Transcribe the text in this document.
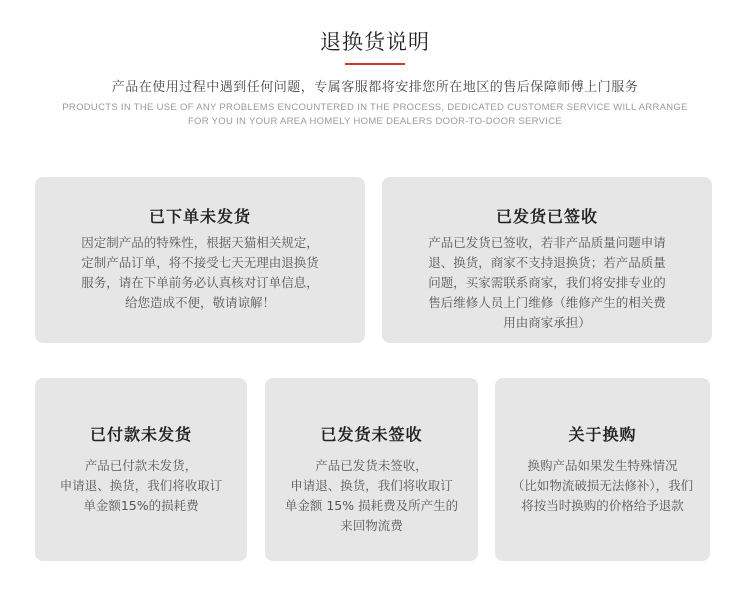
退换货说明
产品在使用过程中遇到任何问题，专属客服都将安排您所在地区的售后保障师傅上门服务
PRODUCTS IN THE USE OF ANY PROBLEMS ENCOUNTERED IN THE PROCESS, DEDICATED CUSTOMER SERVICE WILL ARRANGE
FOR YOU IN YOUR AREA HOMELY HOME DEALERS DOOR-TO-DOOR SERVICE
已下单未发货
因定制产品的特殊性，根据天猫相关规定，
定制产品订单，将不接受七天无理由退换货
服务，请在下单前务必认真核对订单信息，
给您造成不便，敬请谅解！
已发货已签收
产品已发货已签收，若非产品质量问题申请
退、换货，商家不支持退换货；若产品质量
问题，买家需联系商家，我们将安排专业的
售后维修人员上门维修（维修产生的相关费
用由商家承担）
已付款未发货
产品已付款未发货，
申请退、换货，我们将收取订
单金额15%的损耗费
已发货未签收
产品已发货未签收，
申请退、换货，我们将收取订
单金额 15% 损耗费及所产生的
来回物流费
关于换购
换购产品如果发生特殊情况
（比如物流破损无法修补），我们
将按当时换购的价格给予退款
